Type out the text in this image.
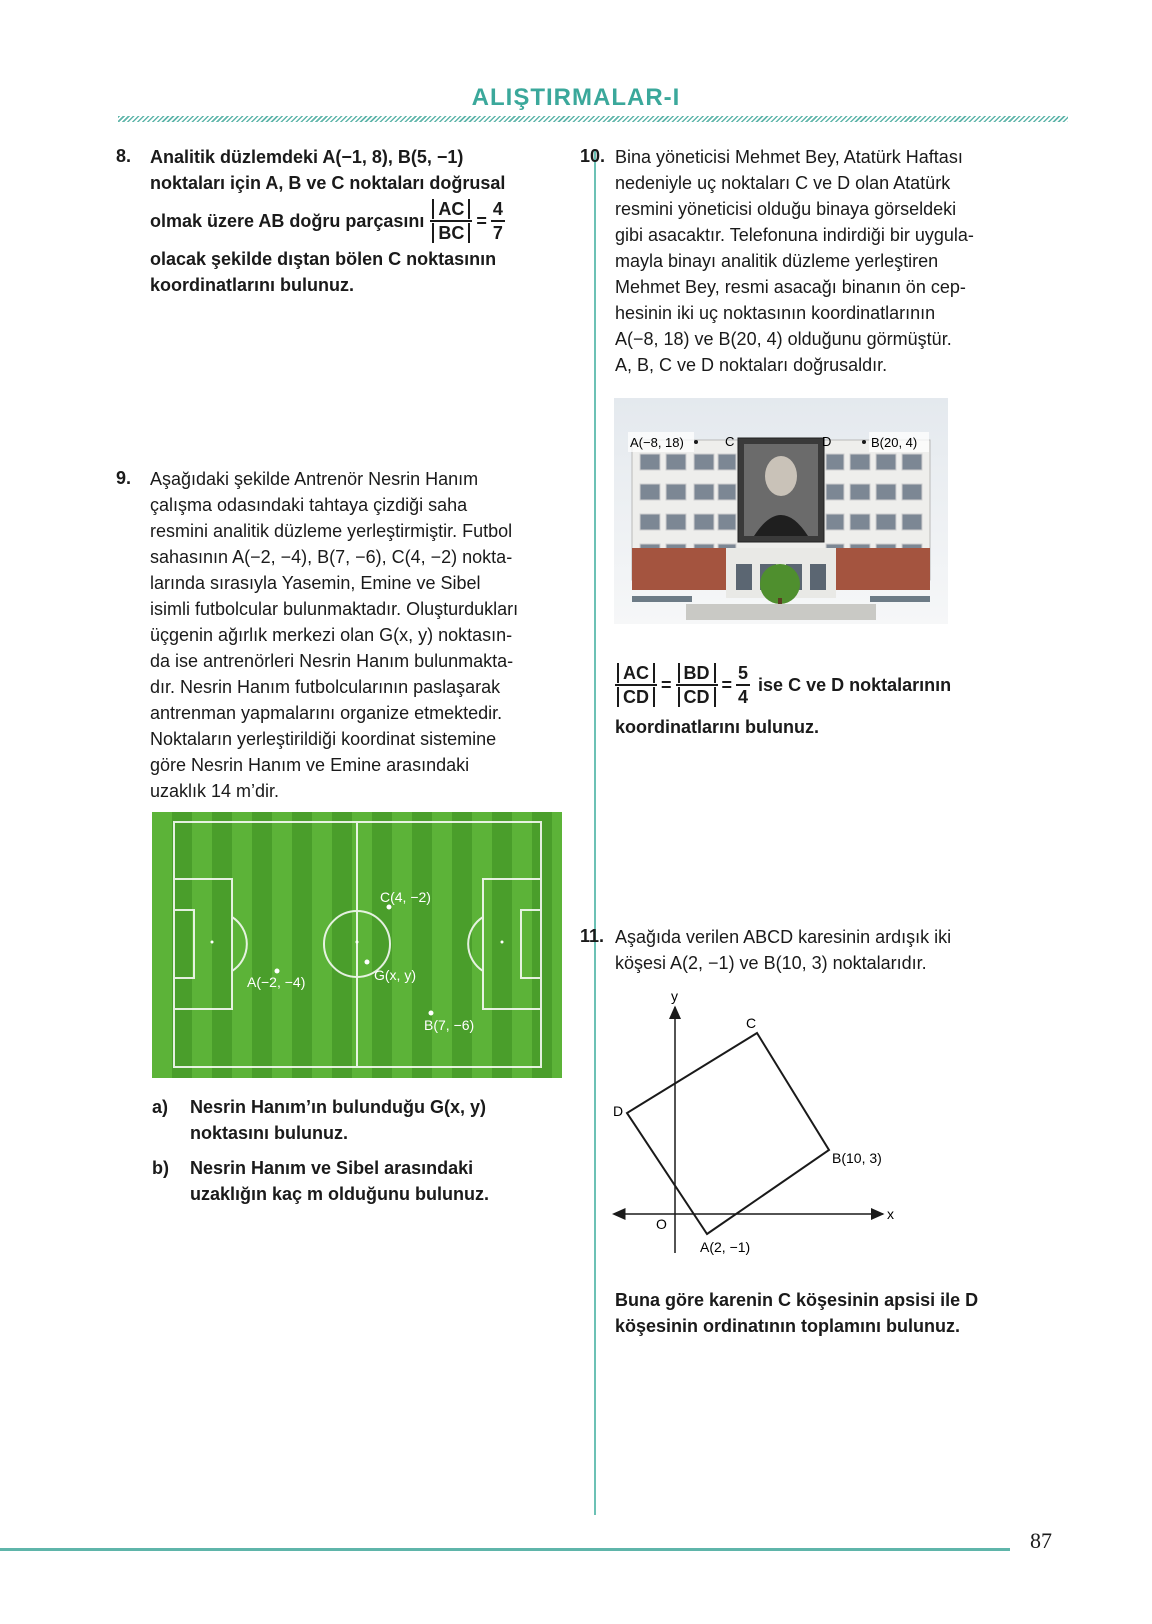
ALIŞTIRMALAR-I
8. Analitik düzlemdeki A(−1, 8), B(5, −1)
noktaları için A, B ve C noktaları doğrusal
olmak üzere AB doğru parçasını $\frac{AC}{BC} = \frac{4}{7}$
olacak şekilde dıştan bölen C noktasının
koordinatlarını bulunuz.
9. Aşağıdaki şekilde Antrenör Nesrin Hanım
çalışma odasındaki tahtaya çizdiği saha
resmini analitik düzleme yerleştirmiştir. Futbol
sahasının A(−2, −4), B(7, −6), C(4, −2) nokta-
larında sırasıyla Yasemin, Emine ve Sibel
isimli futbolcular bulunmaktadır. Oluşturdukları
üçgenin ağırlık merkezi olan G(x, y) noktasın-
da ise antrenörleri Nesrin Hanım bulunmakta-
dır. Nesrin Hanım futbolcularının paslaşarak
antrenman yapmalarını organize etmektedir.
Noktaların yerleştirildiği koordinat sistemine
göre Nesrin Hanım ve Emine arasındaki
uzaklık 14 m’dir.
C(4, −2)
A(−2, −4)	G(x, y)
B(7, −6)
a) Nesrin Hanım’ın bulunduğu G(x, y)
noktasını bulunuz.
b) Nesrin Hanım ve Sibel arasındaki
uzaklığın kaç m olduğunu bulunuz.
10. Bina yöneticisi Mehmet Bey, Atatürk Haftası
nedeniyle uç noktaları C ve D olan Atatürk
resmini yöneticisi olduğu binaya görseldeki
gibi asacaktır. Telefonuna indirdiği bir uygula-
mayla binayı analitik düzleme yerleştiren
Mehmet Bey, resmi asacağı binanın ön cep-
hesinin iki uç noktasının koordinatlarının
A(−8, 18) ve B(20, 4) olduğunu görmüştür.
A, B, C ve D noktaları doğrusaldır.
A(−8, 18)	C	D	B(20, 4)
$\frac{AC}{CD} = \frac{BD}{CD} = \frac{5}{4}$ ise C ve D noktalarının
koordinatlarını bulunuz.
11. Aşağıda verilen ABCD karesinin ardışık iki
köşesi A(2, −1) ve B(10, 3) noktalarıdır.
y
x
O
C
D
B(10, 3)
A(2, −1)
Buna göre karenin C köşesinin apsisi ile D
köşesinin ordinatının toplamını bulunuz.
87
